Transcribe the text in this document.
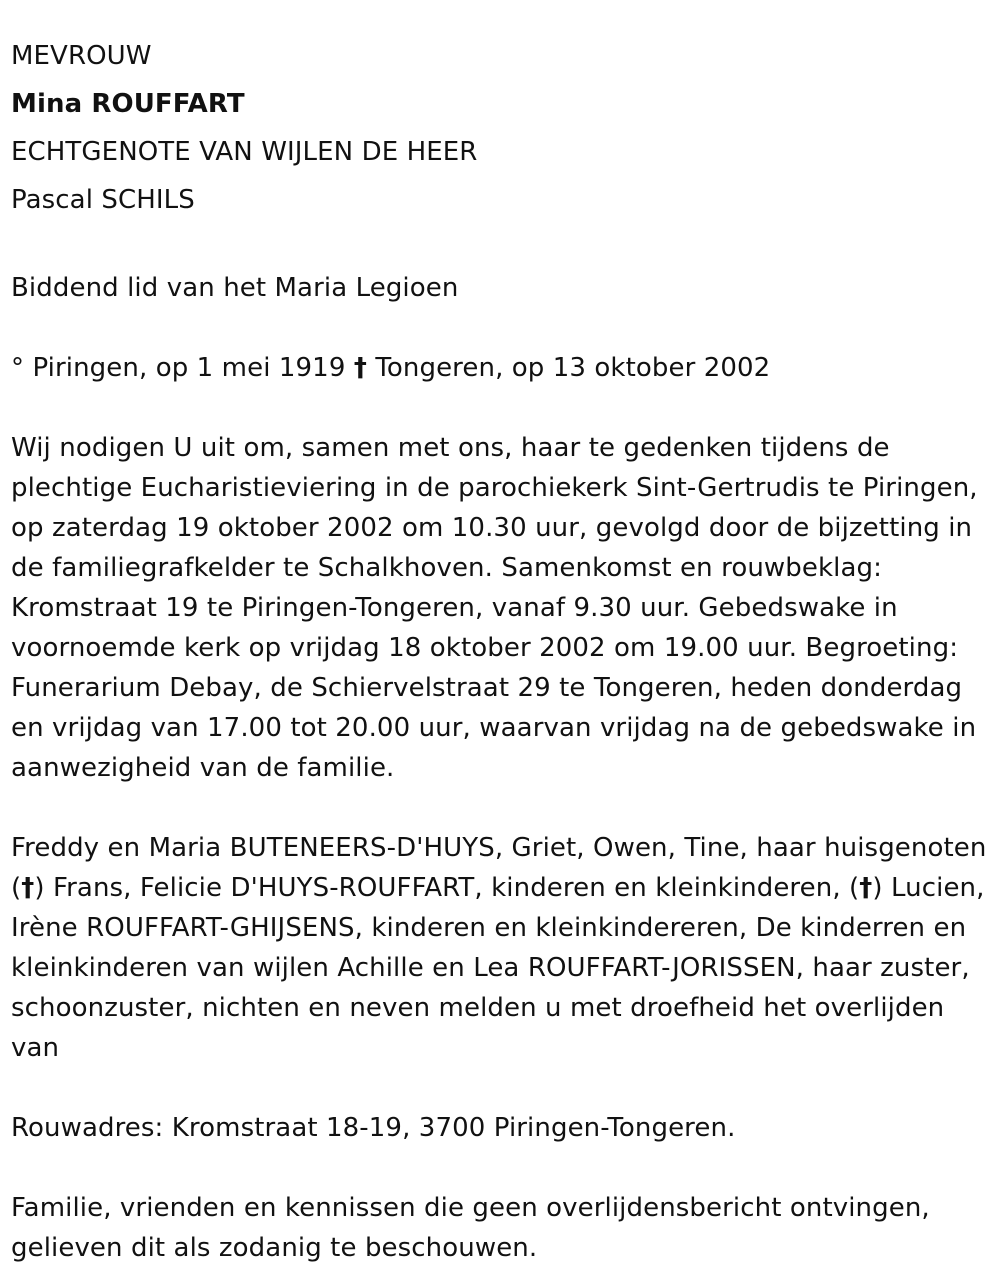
MEVROUW
Mina ROUFFART
ECHTGENOTE VAN WIJLEN DE HEER
Pascal SCHILS

Biddend lid van het Maria Legioen

° Piringen, op 1 mei 1919 † Tongeren, op 13 oktober 2002

Wij nodigen U uit om, samen met ons, haar te gedenken tijdens de plechtige Eucharistieviering in de parochiekerk Sint-Gertrudis te Piringen, op zaterdag 19 oktober 2002 om 10.30 uur, gevolgd door de bijzetting in de familiegrafkelder te Schalkhoven. Samenkomst en rouwbeklag: Kromstraat 19 te Piringen-Tongeren, vanaf 9.30 uur. Gebedswake in voornoemde kerk op vrijdag 18 oktober 2002 om 19.00 uur. Begroeting: Funerarium Debay, de Schiervelstraat 29 te Tongeren, heden donderdag en vrijdag van 17.00 tot 20.00 uur, waarvan vrijdag na de gebedswake in aanwezigheid van de familie.

Freddy en Maria BUTENEERS-D'HUYS, Griet, Owen, Tine, haar huisgenoten (†) Frans, Felicie D'HUYS-ROUFFART, kinderen en kleinkinderen, (†) Lucien, Irène ROUFFART-GHIJSENS, kinderen en kleinkindereren, De kinderren en kleinkinderen van wijlen Achille en Lea ROUFFART-JORISSEN, haar zuster, schoonzuster, nichten en neven melden u met droefheid het overlijden van

Rouwadres: Kromstraat 18-19, 3700 Piringen-Tongeren.

Familie, vrienden en kennissen die geen overlijdensbericht ontvingen, gelieven dit als zodanig te beschouwen.
